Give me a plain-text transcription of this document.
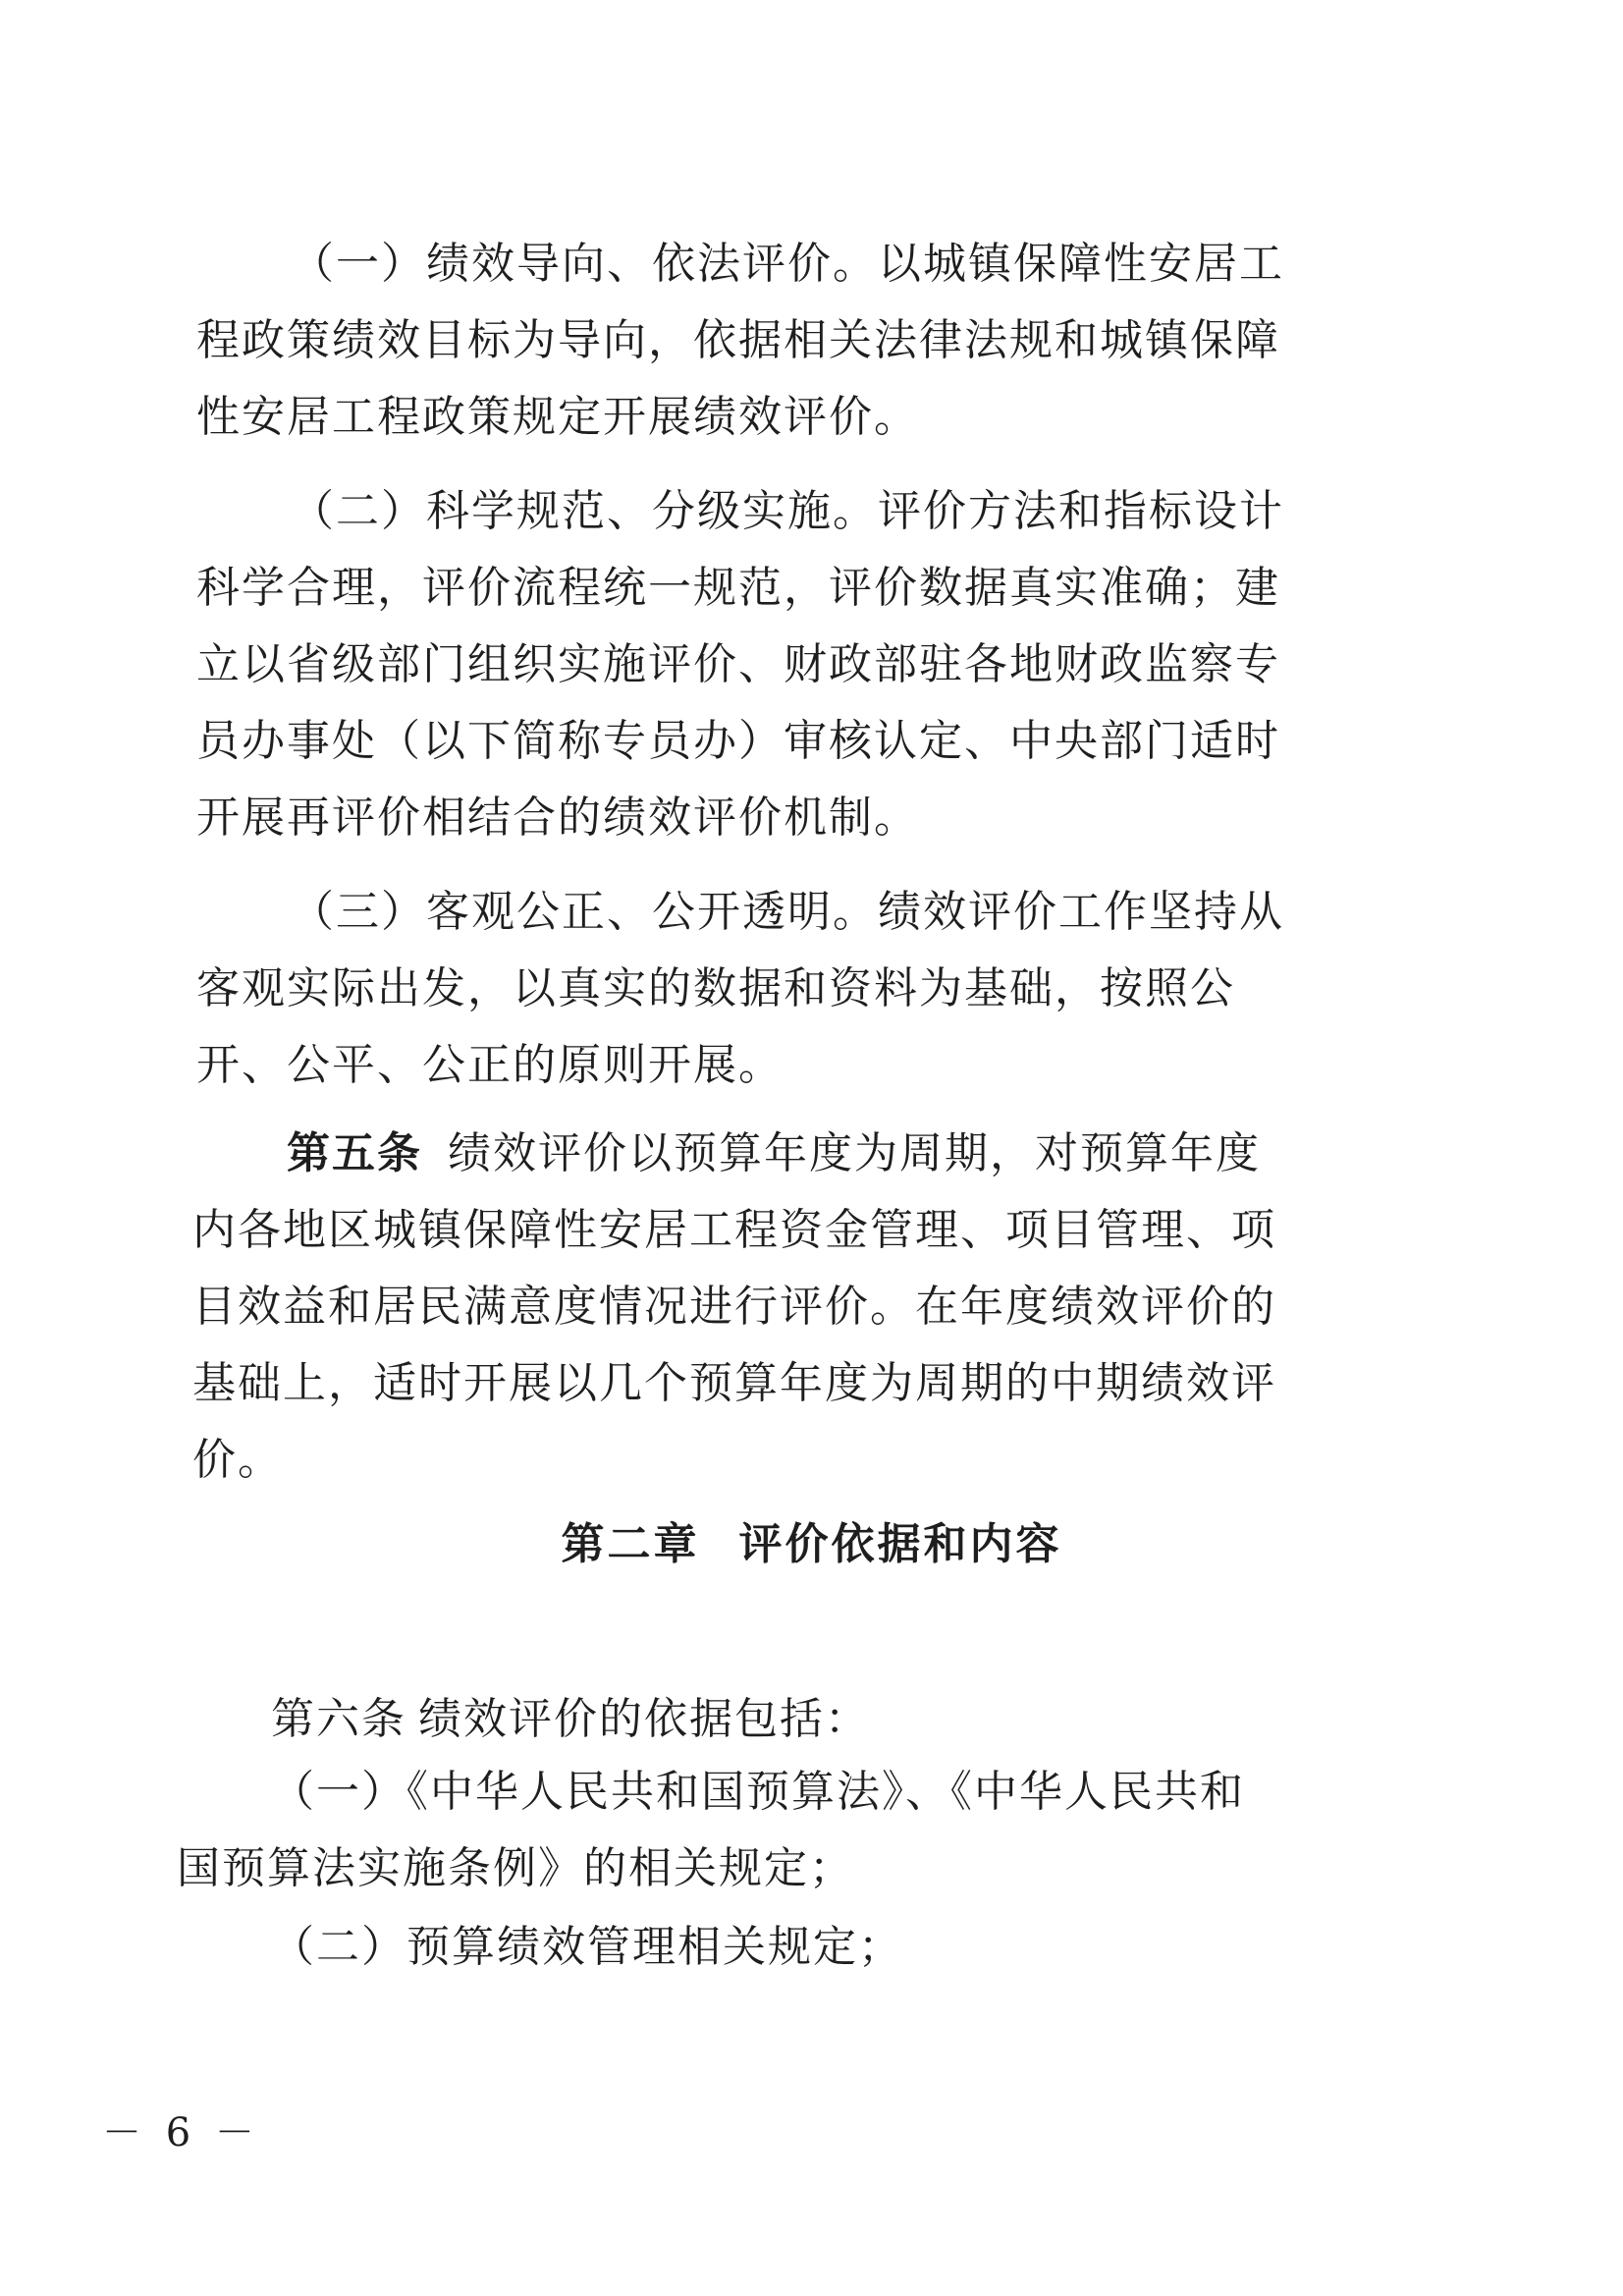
（一）绩效导向、依法评价。以城镇保障性安居工程政策绩效目标为导向，依据相关法律法规和城镇保障性安居工程政策规定开展绩效评价。

（二）科学规范、分级实施。评价方法和指标设计科学合理，评价流程统一规范，评价数据真实准确；建立以省级部门组织实施评价、财政部驻各地财政监察专员办事处（以下简称专员办）审核认定、中央部门适时开展再评价相结合的绩效评价机制。

（三）客观公正、公开透明。绩效评价工作坚持从客观实际出发，以真实的数据和资料为基础，按照公开、公平、公正的原则开展。

第五条 绩效评价以预算年度为周期，对预算年度内各地区城镇保障性安居工程资金管理、项目管理、项目效益和居民满意度情况进行评价。在年度绩效评价的基础上，适时开展以几个预算年度为周期的中期绩效评价。

第二章 评价依据和内容

第六条 绩效评价的依据包括：

（一）《中华人民共和国预算法》、《中华人民共和国预算法实施条例》的相关规定；

（二）预算绩效管理相关规定；

－ 6 －
